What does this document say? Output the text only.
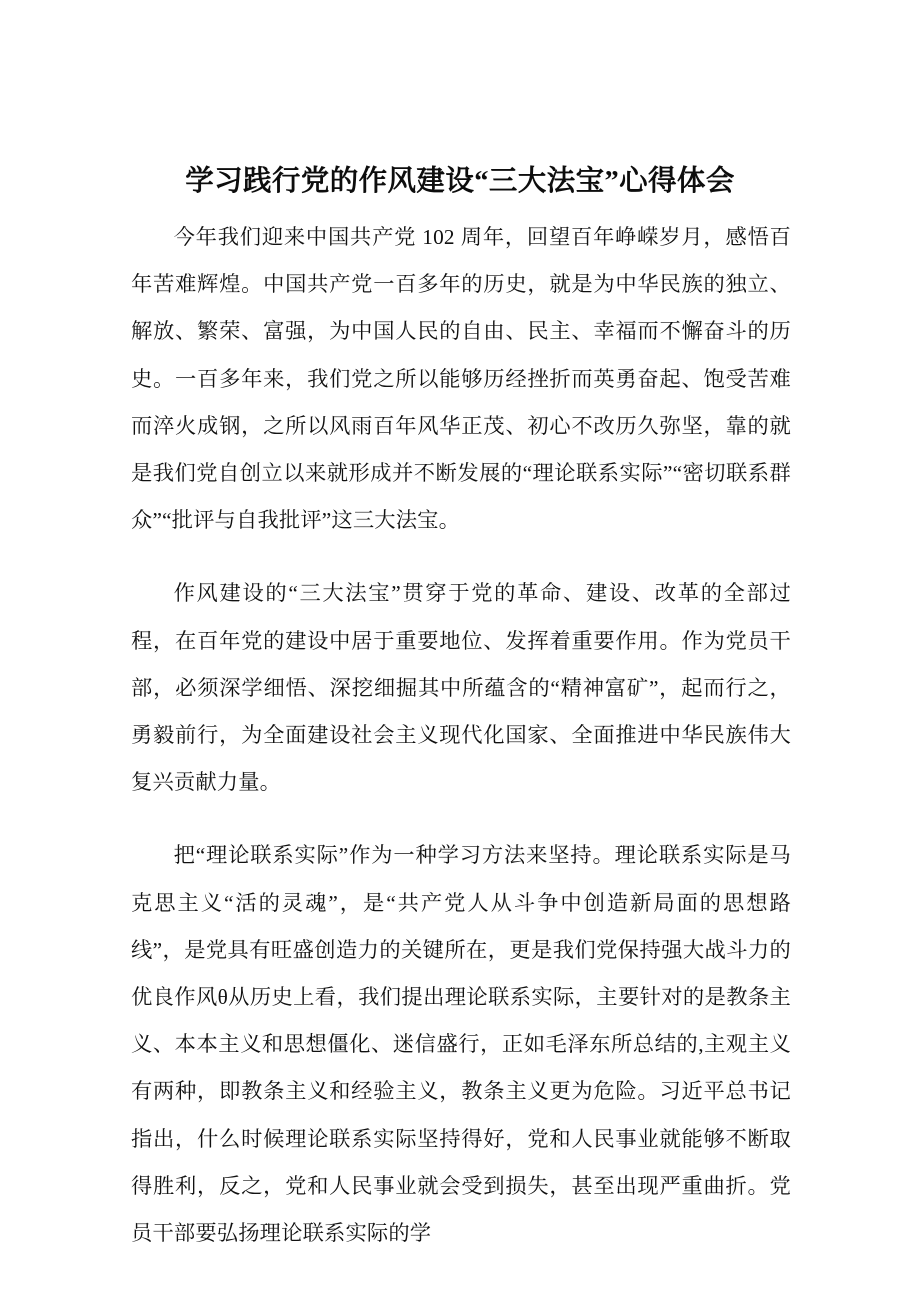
学习践行党的作风建设“三大法宝”心得体会

今年我们迎来中国共产党 102 周年，回望百年峥嵘岁月，感悟百年苦难辉煌。中国共产党一百多年的历史，就是为中华民族的独立、解放、繁荣、富强，为中国人民的自由、民主、幸福而不懈奋斗的历史。一百多年来，我们党之所以能够历经挫折而英勇奋起、饱受苦难而淬火成钢，之所以风雨百年风华正茂、初心不改历久弥坚，靠的就是我们党自创立以来就形成并不断发展的“理论联系实际”“密切联系群众”“批评与自我批评”这三大法宝。

作风建设的“三大法宝”贯穿于党的革命、建设、改革的全部过程，在百年党的建设中居于重要地位、发挥着重要作用。作为党员干部，必须深学细悟、深挖细掘其中所蕴含的“精神富矿”，起而行之，勇毅前行，为全面建设社会主义现代化国家、全面推进中华民族伟大复兴贡献力量。

把“理论联系实际”作为一种学习方法来坚持。理论联系实际是马克思主义“活的灵魂”，是“共产党人从斗争中创造新局面的思想路线”，是党具有旺盛创造力的关键所在，更是我们党保持强大战斗力的优良作风θ从历史上看，我们提出理论联系实际，主要针对的是教条主义、本本主义和思想僵化、迷信盛行，正如毛泽东所总结的,主观主义有两种，即教条主义和经验主义，教条主义更为危险。习近平总书记指出，什么时候理论联系实际坚持得好，党和人民事业就能够不断取得胜利，反之，党和人民事业就会受到损失，甚至出现严重曲折。党员干部要弘扬理论联系实际的学
